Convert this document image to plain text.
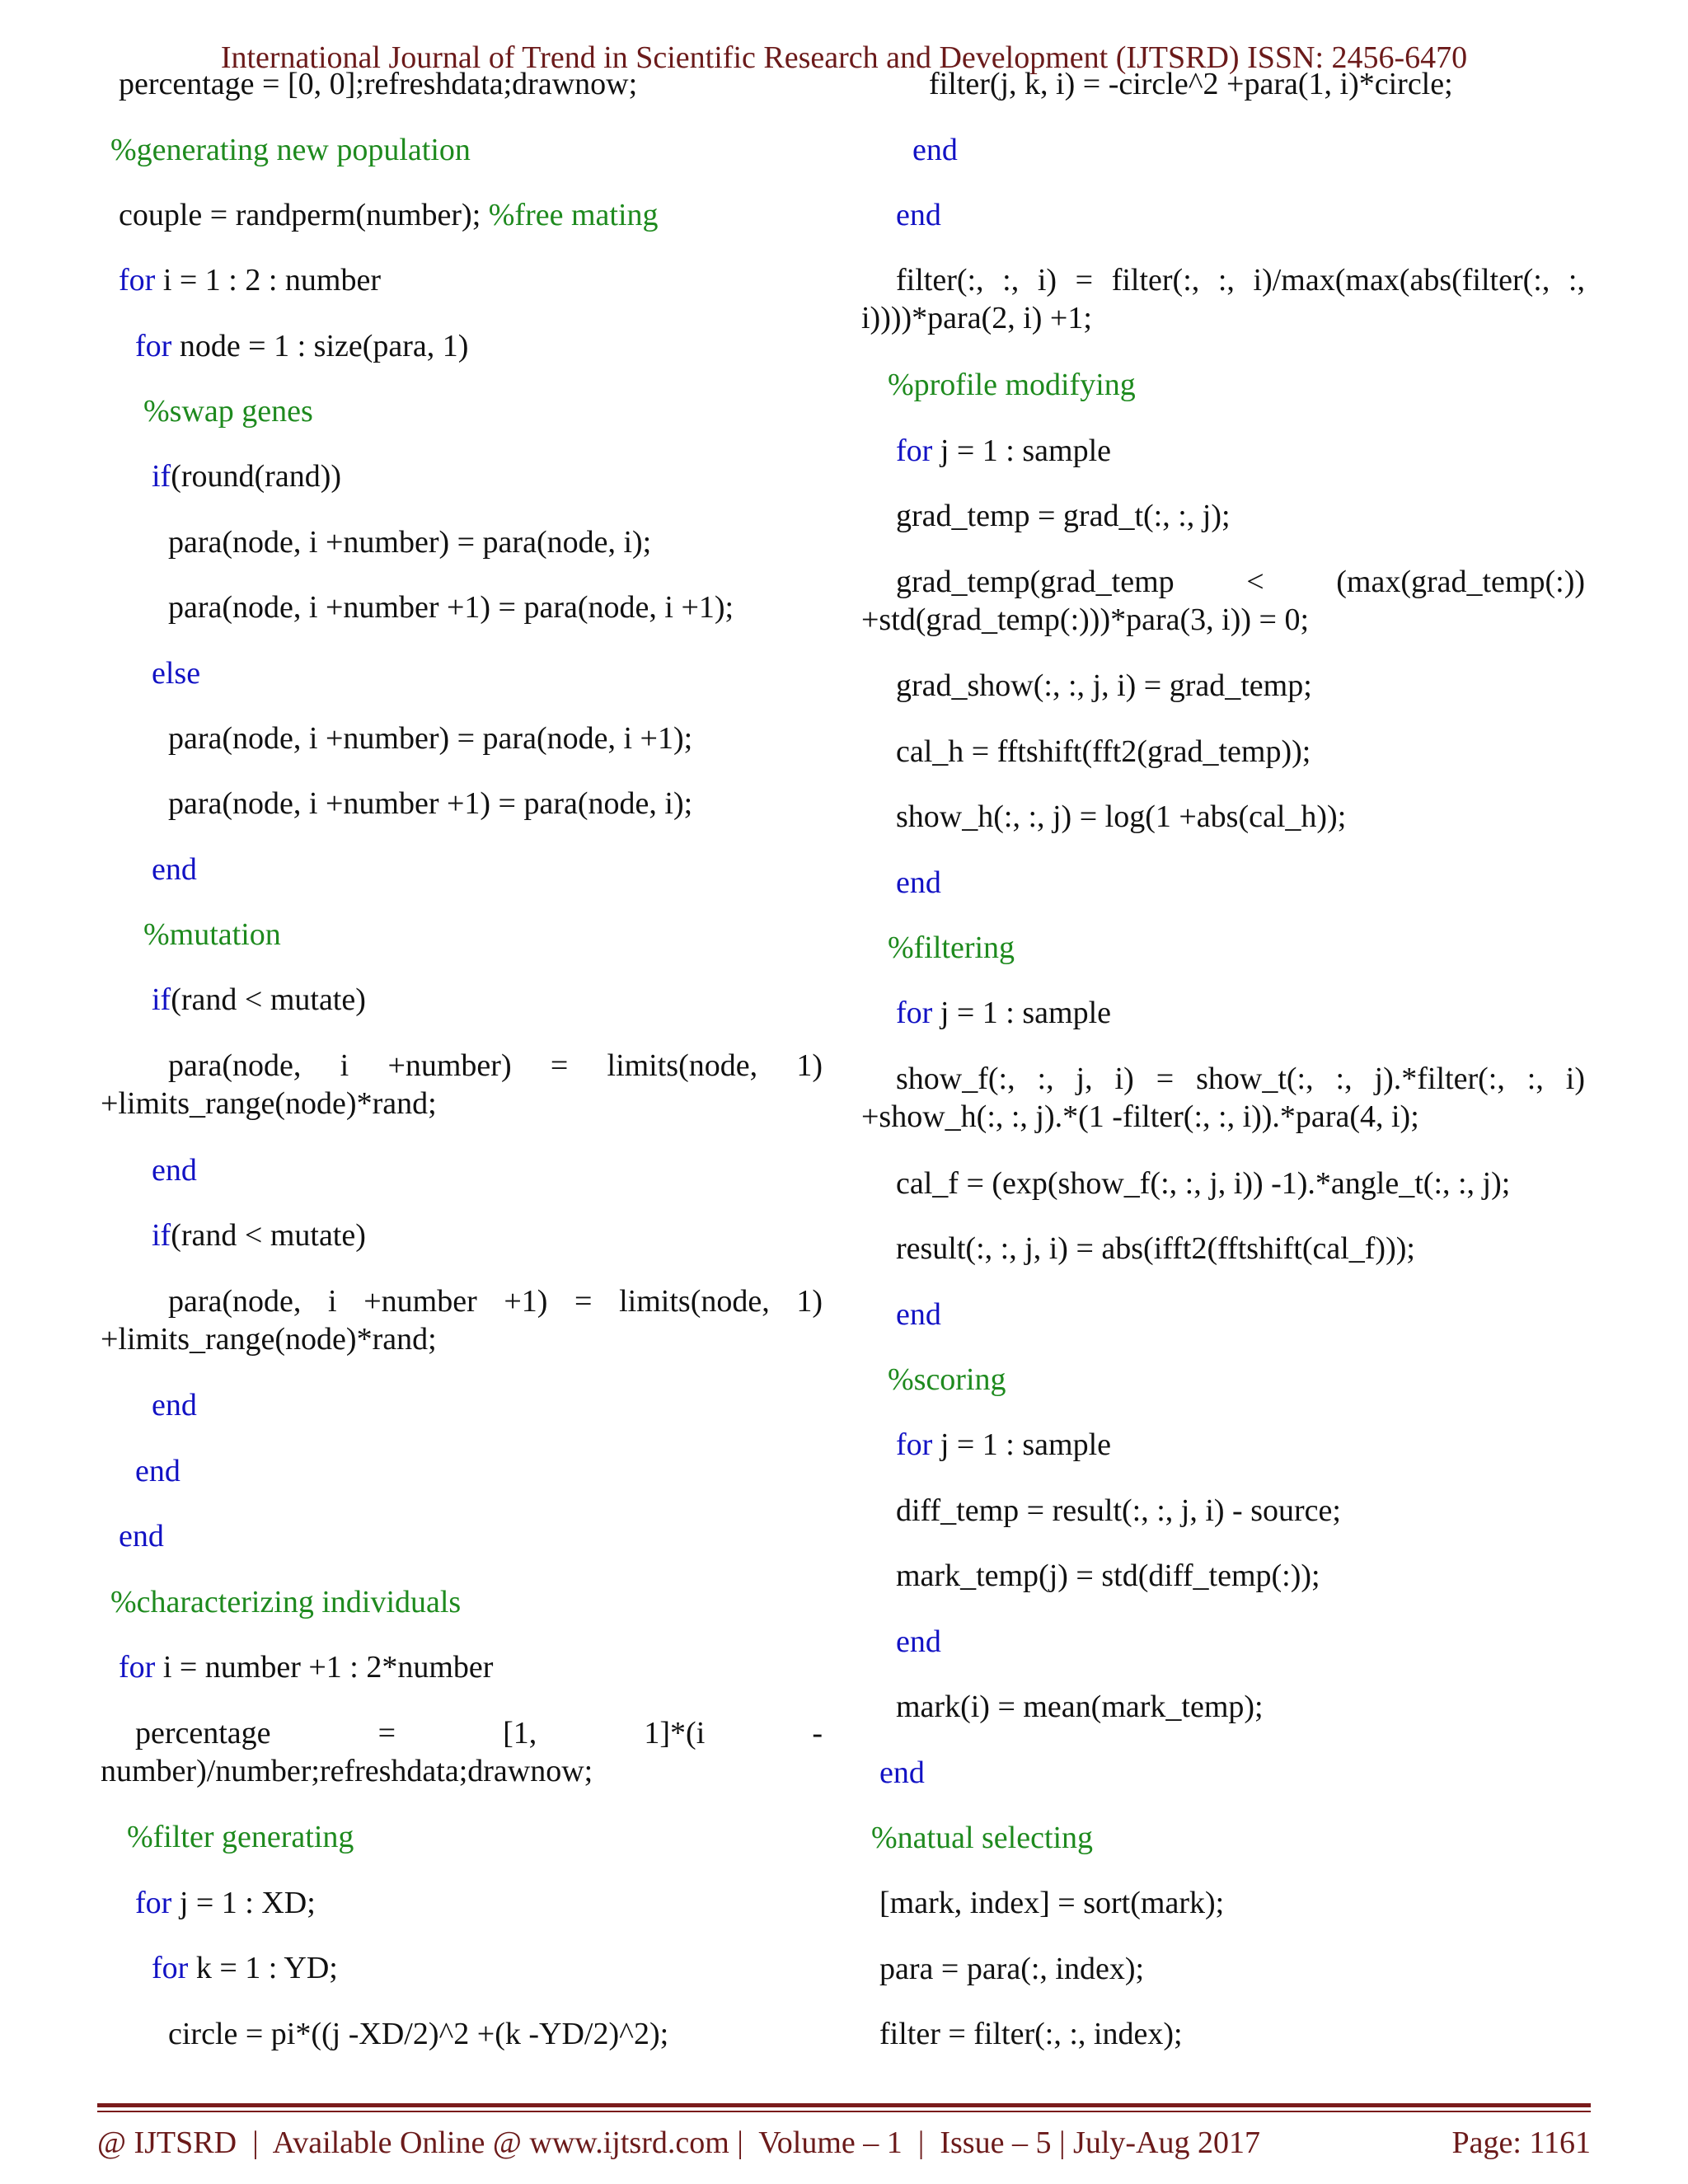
International Journal of Trend in Scientific Research and Development (IJTSRD) ISSN: 2456-6470
percentage = [0, 0];refreshdata;drawnow;
%generating new population
couple = randperm(number); %free mating
for i = 1 : 2 : number
for node = 1 : size(para, 1)
%swap genes
if(round(rand))
para(node, i +number) = para(node, i);
para(node, i +number +1) = para(node, i +1);
else
para(node, i +number) = para(node, i +1);
para(node, i +number +1) = para(node, i);
end
%mutation
if(rand < mutate)
para(node, i +number) = limits(node, 1) +limits_range(node)*rand;
end
if(rand < mutate)
para(node, i +number +1) = limits(node, 1) +limits_range(node)*rand;
end
end
end
%characterizing individuals
for i = number +1 : 2*number
percentage = [1, 1]*(i - number)/number;refreshdata;drawnow;
%filter generating
for j = 1 : XD;
for k = 1 : YD;
circle = pi*((j -XD/2)^2 +(k -YD/2)^2);
filter(j, k, i) = -circle^2 +para(1, i)*circle;
end
end
filter(:, :, i) = filter(:, :, i)/max(max(abs(filter(:, :, i))))*para(2, i) +1;
%profile modifying
for j = 1 : sample
grad_temp = grad_t(:, :, j);
grad_temp(grad_temp < (max(grad_temp(:)) +std(grad_temp(:)))*para(3, i)) = 0;
grad_show(:, :, j, i) = grad_temp;
cal_h = fftshift(fft2(grad_temp));
show_h(:, :, j) = log(1 +abs(cal_h));
end
%filtering
for j = 1 : sample
show_f(:, :, j, i) = show_t(:, :, j).*filter(:, :, i) +show_h(:, :, j).*(1 -filter(:, :, i)).*para(4, i);
cal_f = (exp(show_f(:, :, j, i)) -1).*angle_t(:, :, j);
result(:, :, j, i) = abs(ifft2(fftshift(cal_f)));
end
%scoring
for j = 1 : sample
diff_temp = result(:, :, j, i) - source;
mark_temp(j) = std(diff_temp(:));
end
mark(i) = mean(mark_temp);
end
%natual selecting
[mark, index] = sort(mark);
para = para(:, index);
filter = filter(:, :, index);
@ IJTSRD  |  Available Online @ www.ijtsrd.com |  Volume – 1  |  Issue – 5 | July-Aug 2017	Page: 1161
